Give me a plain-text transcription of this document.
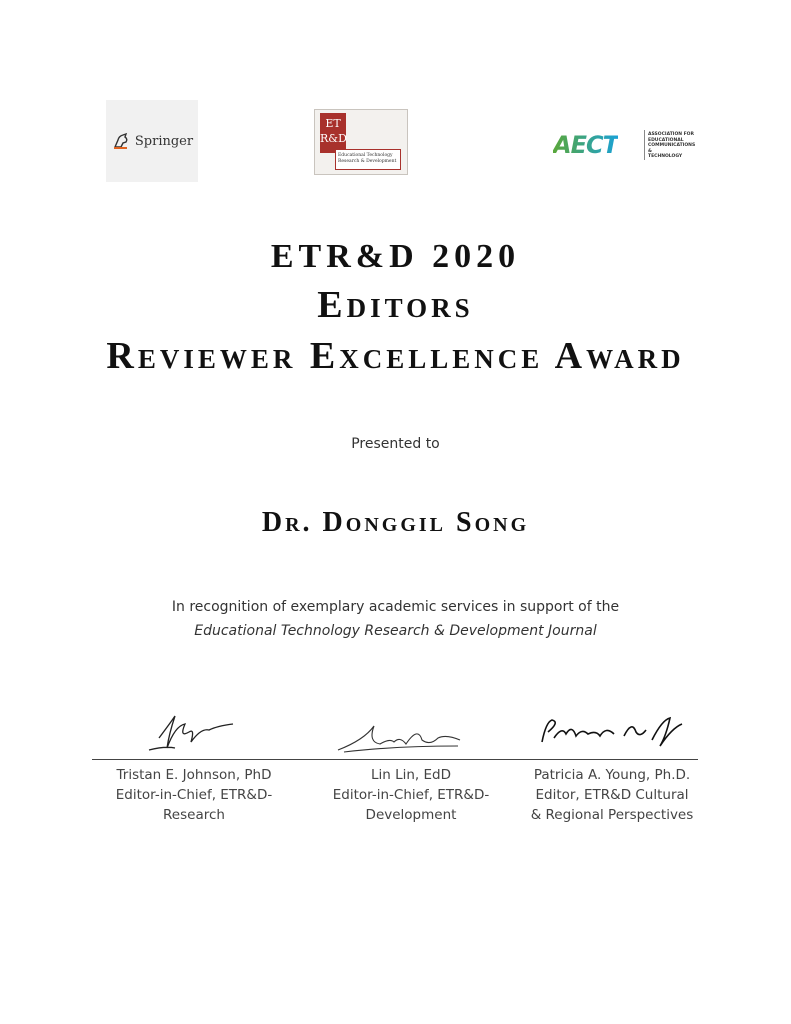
Springer
ET R&D
Educational Technology
Research & Development
AECT	ASSOCIATION FOR
EDUCATIONAL
COMMUNICATIONS &
TECHNOLOGY
ETR&D 2020
Editors
Reviewer Excellence Award
Presented to
Dr. Donggil Song
In recognition of exemplary academic services in support of the
Educational Technology Research & Development Journal
Tristan E. Johnson, PhD
Editor-in-Chief, ETR&D-
Research
Lin Lin, EdD
Editor-in-Chief, ETR&D-
Development
Patricia A. Young, Ph.D.
Editor, ETR&D Cultural
& Regional Perspectives
